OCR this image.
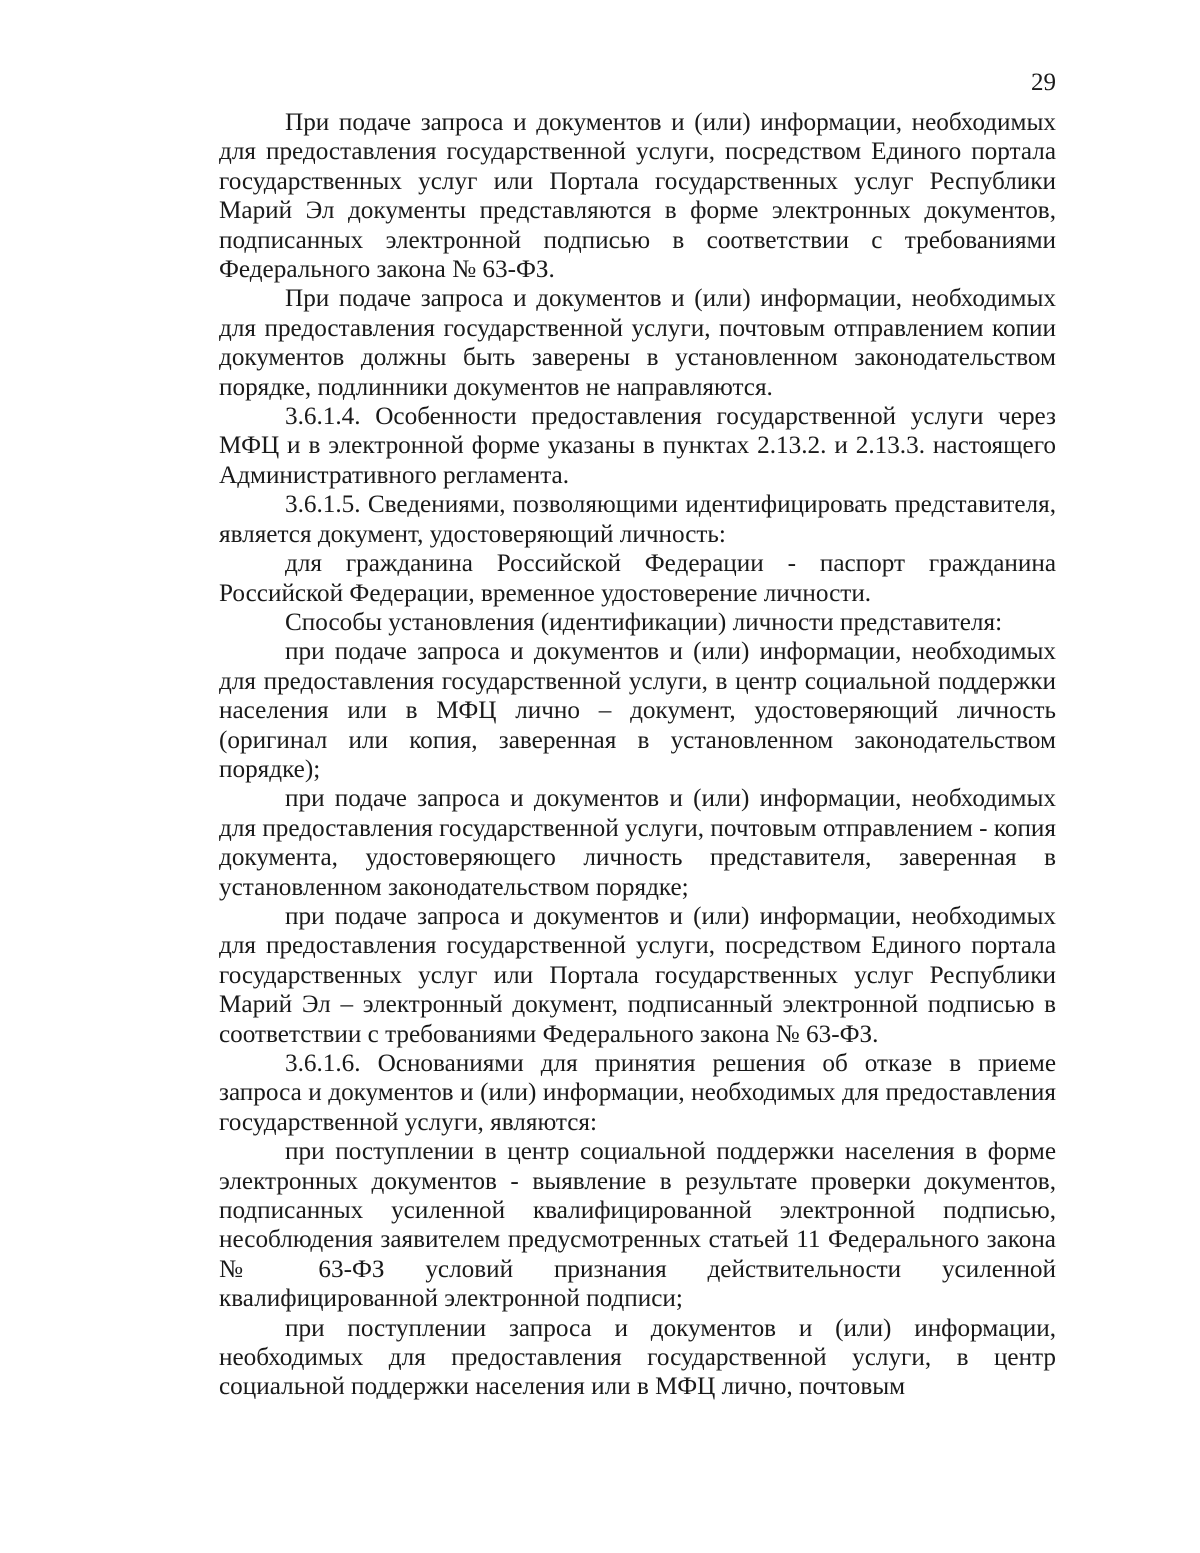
29

При подаче запроса и документов и (или) информации, необходимых для предоставления государственной услуги, посредством Единого портала государственных услуг или Портала государственных услуг Республики Марий Эл документы представляются в форме электронных документов, подписанных электронной подписью в соответствии с требованиями Федерального закона № 63-ФЗ.

При подаче запроса и документов и (или) информации, необходимых для предоставления государственной услуги, почтовым отправлением копии документов должны быть заверены в установленном законодательством порядке, подлинники документов не направляются.

3.6.1.4. Особенности предоставления государственной услуги через МФЦ и в электронной форме указаны в пунктах 2.13.2. и 2.13.3. настоящего Административного регламента.

3.6.1.5. Сведениями, позволяющими идентифицировать представителя, является документ, удостоверяющий личность:

для гражданина Российской Федерации - паспорт гражданина Российской Федерации, временное удостоверение личности.

Способы установления (идентификации) личности представителя:

при подаче запроса и документов и (или) информации, необходимых для предоставления государственной услуги, в центр социальной поддержки населения или в МФЦ лично – документ, удостоверяющий личность (оригинал или копия, заверенная в установленном законодательством порядке);

при подаче запроса и документов и (или) информации, необходимых для предоставления государственной услуги, почтовым отправлением - копия документа, удостоверяющего личность представителя, заверенная в установленном законодательством порядке;

при подаче запроса и документов и (или) информации, необходимых для предоставления государственной услуги, посредством Единого портала государственных услуг или Портала государственных услуг Республики Марий Эл – электронный документ, подписанный электронной подписью в соответствии с требованиями Федерального закона № 63-ФЗ.

3.6.1.6. Основаниями для принятия решения об отказе в приеме запроса и документов и (или) информации, необходимых для предоставления государственной услуги, являются:

при поступлении в центр социальной поддержки населения в форме электронных документов - выявление в результате проверки документов, подписанных усиленной квалифицированной электронной подписью, несоблюдения заявителем предусмотренных статьей 11 Федерального закона № 63-ФЗ условий признания действительности усиленной квалифицированной электронной подписи;

при поступлении запроса и документов и (или) информации, необходимых для предоставления государственной услуги, в центр социальной поддержки населения или в МФЦ лично, почтовым
